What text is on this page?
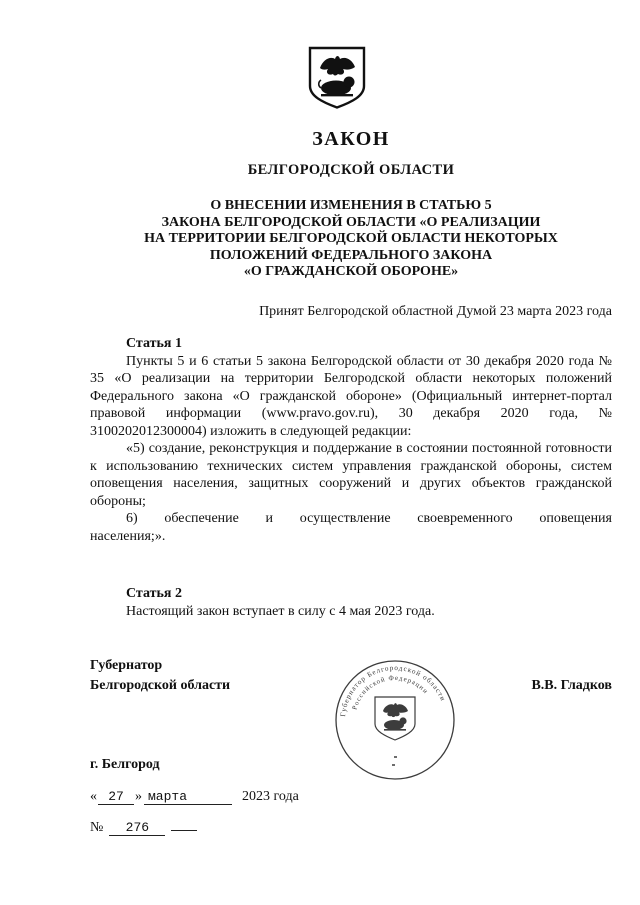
ЗАКОН
БЕЛГОРОДСКОЙ ОБЛАСТИ
О ВНЕСЕНИИ ИЗМЕНЕНИЯ В СТАТЬЮ 5
ЗАКОНА БЕЛГОРОДСКОЙ ОБЛАСТИ «О РЕАЛИЗАЦИИ
НА ТЕРРИТОРИИ БЕЛГОРОДСКОЙ ОБЛАСТИ НЕКОТОРЫХ
ПОЛОЖЕНИЙ ФЕДЕРАЛЬНОГО ЗАКОНА
«О ГРАЖДАНСКОЙ ОБОРОНЕ»
Принят Белгородской областной Думой 23 марта 2023 года
Статья 1

Пункты 5 и 6 статьи 5 закона Белгородской области от 30 декабря 2020 года № 35 «О реализации на территории Белгородской области некоторых положений Федерального закона «О гражданской обороне» (Официальный интернет-портал правовой информации (www.pravo.gov.ru), 30 декабря 2020 года, № 3100202012300004) изложить в следующей редакции:

«5) создание, реконструкция и поддержание в состоянии постоянной готовности к использованию технических систем управления гражданской обороны, систем оповещения населения, защитных сооружений и других объектов гражданской обороны;

6) обеспечение и осуществление своевременного оповещения населения;».

Статья 2

Настоящий закон вступает в силу с 4 мая 2023 года.

Губернатор
Белгородской области	В.В. Гладков
Губернатор Белгородской области
Российской Федерации
г. Белгород
« 27 » марта	2023 года
№ 276
